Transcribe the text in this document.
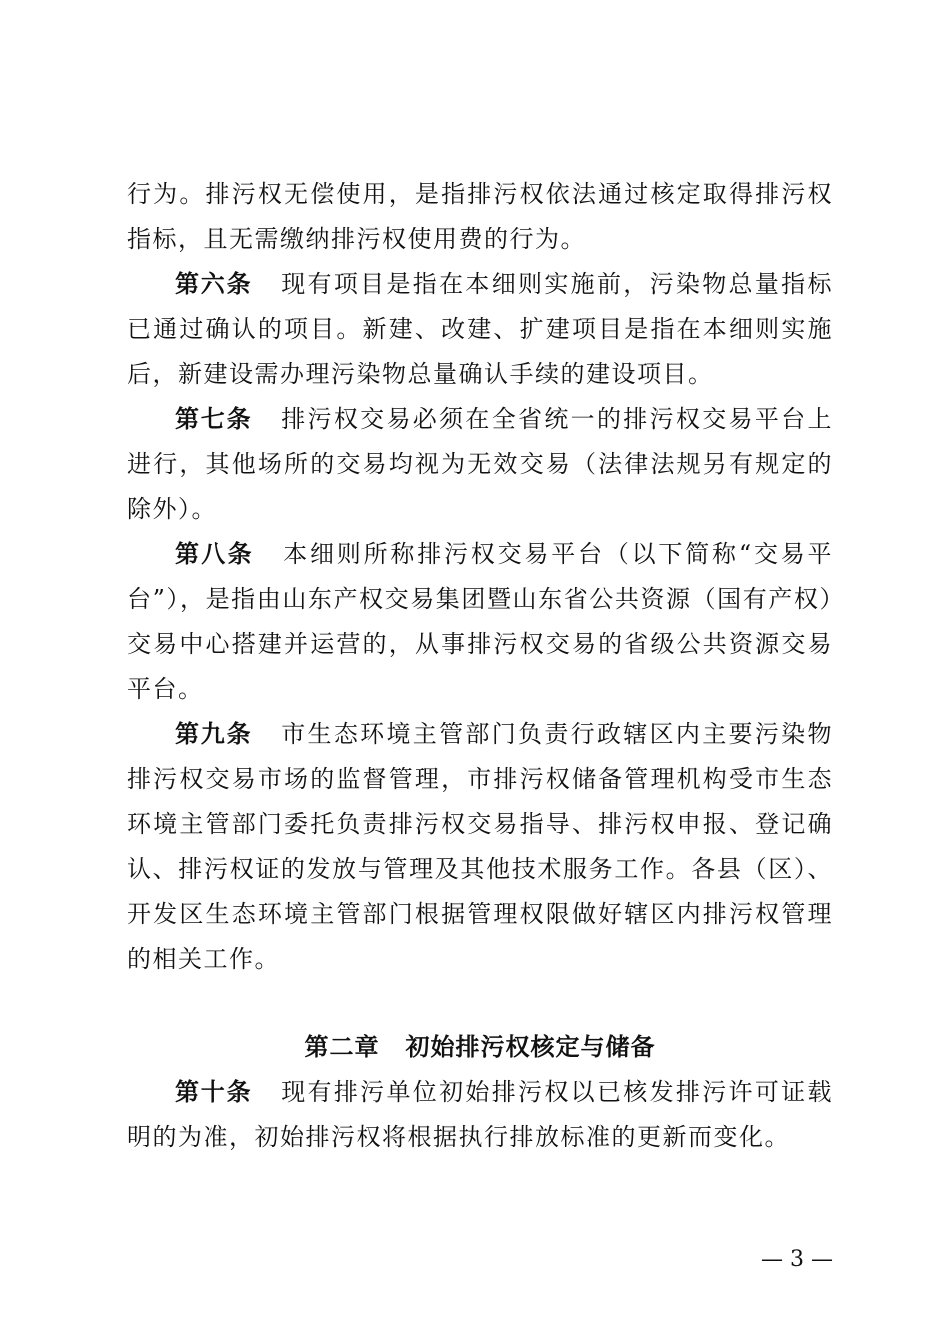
行为。排污权无偿使用，是指排污权依法通过核定取得排污权指标，且无需缴纳排污权使用费的行为。

第六条 现有项目是指在本细则实施前，污染物总量指标已通过确认的项目。新建、改建、扩建项目是指在本细则实施后，新建设需办理污染物总量确认手续的建设项目。

第七条 排污权交易必须在全省统一的排污权交易平台上进行，其他场所的交易均视为无效交易（法律法规另有规定的除外）。

第八条 本细则所称排污权交易平台（以下简称“交易平台”），是指由山东产权交易集团暨山东省公共资源（国有产权）交易中心搭建并运营的，从事排污权交易的省级公共资源交易平台。

第九条 市生态环境主管部门负责行政辖区内主要污染物排污权交易市场的监督管理，市排污权储备管理机构受市生态环境主管部门委托负责排污权交易指导、排污权申报、登记确认、排污权证的发放与管理及其他技术服务工作。各县（区）、开发区生态环境主管部门根据管理权限做好辖区内排污权管理的相关工作。

第二章 初始排污权核定与储备

第十条 现有排污单位初始排污权以已核发排污许可证载明的为准，初始排污权将根据执行排放标准的更新而变化。

— 3 —
